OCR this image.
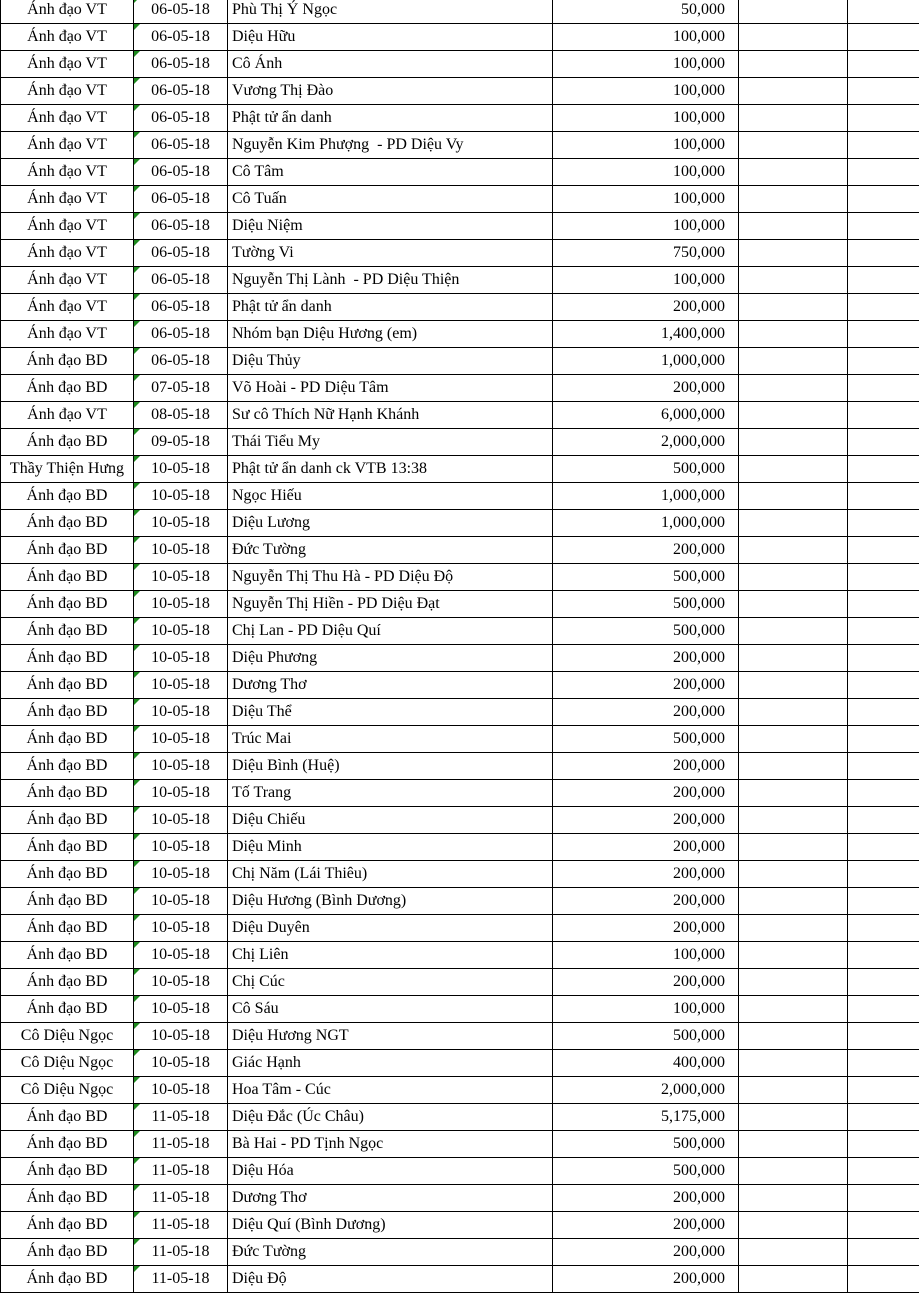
Ánh đạo VT	06-05-18	Phù Thị Ý Ngọc	50,000		
Ánh đạo VT	06-05-18	Diệu Hữu	100,000		
Ánh đạo VT	06-05-18	Cô Ánh	100,000		
Ánh đạo VT	06-05-18	Vương Thị Đào	100,000		
Ánh đạo VT	06-05-18	Phật tử ẩn danh	100,000		
Ánh đạo VT	06-05-18	Nguyễn Kim Phượng  - PD Diệu Vy	100,000		
Ánh đạo VT	06-05-18	Cô Tâm	100,000		
Ánh đạo VT	06-05-18	Cô Tuấn	100,000		
Ánh đạo VT	06-05-18	Diệu Niệm	100,000		
Ánh đạo VT	06-05-18	Tường Vi	750,000		
Ánh đạo VT	06-05-18	Nguyễn Thị Lành  - PD Diệu Thiện	100,000		
Ánh đạo VT	06-05-18	Phật tử ẩn danh	200,000		
Ánh đạo VT	06-05-18	Nhóm bạn Diệu Hương (em)	1,400,000		
Ánh đạo BD	06-05-18	Diệu Thủy	1,000,000		
Ánh đạo BD	07-05-18	Võ Hoài - PD Diệu Tâm	200,000		
Ánh đạo VT	08-05-18	Sư cô Thích Nữ Hạnh Khánh	6,000,000		
Ánh đạo BD	09-05-18	Thái Tiểu My	2,000,000		
Thầy Thiện Hưng	10-05-18	Phật tử ẩn danh ck VTB 13:38	500,000		
Ánh đạo BD	10-05-18	Ngọc Hiếu	1,000,000		
Ánh đạo BD	10-05-18	Diệu Lương	1,000,000		
Ánh đạo BD	10-05-18	Đức Tường	200,000		
Ánh đạo BD	10-05-18	Nguyễn Thị Thu Hà - PD Diệu Độ	500,000		
Ánh đạo BD	10-05-18	Nguyễn Thị Hiền - PD Diệu Đạt	500,000		
Ánh đạo BD	10-05-18	Chị Lan - PD Diệu Quí	500,000		
Ánh đạo BD	10-05-18	Diệu Phương	200,000		
Ánh đạo BD	10-05-18	Dương Thơ	200,000		
Ánh đạo BD	10-05-18	Diệu Thể	200,000		
Ánh đạo BD	10-05-18	Trúc Mai	500,000		
Ánh đạo BD	10-05-18	Diệu Bình (Huệ)	200,000		
Ánh đạo BD	10-05-18	Tố Trang	200,000		
Ánh đạo BD	10-05-18	Diệu Chiếu	200,000		
Ánh đạo BD	10-05-18	Diệu Minh	200,000		
Ánh đạo BD	10-05-18	Chị Năm (Lái Thiêu)	200,000		
Ánh đạo BD	10-05-18	Diệu Hương (Bình Dương)	200,000		
Ánh đạo BD	10-05-18	Diệu Duyên	200,000		
Ánh đạo BD	10-05-18	Chị Liên	100,000		
Ánh đạo BD	10-05-18	Chị Cúc	200,000		
Ánh đạo BD	10-05-18	Cô Sáu	100,000		
Cô Diệu Ngọc	10-05-18	Diệu Hương NGT	500,000		
Cô Diệu Ngọc	10-05-18	Giác Hạnh	400,000		
Cô Diệu Ngọc	10-05-18	Hoa Tâm - Cúc	2,000,000		
Ánh đạo BD	11-05-18	Diệu Đắc (Úc Châu)	5,175,000		
Ánh đạo BD	11-05-18	Bà Hai - PD Tịnh Ngọc	500,000		
Ánh đạo BD	11-05-18	Diệu Hóa	500,000		
Ánh đạo BD	11-05-18	Dương Thơ	200,000		
Ánh đạo BD	11-05-18	Diệu Quí (Bình Dương)	200,000		
Ánh đạo BD	11-05-18	Đức Tường	200,000		
Ánh đạo BD	11-05-18	Diệu Độ	200,000		
